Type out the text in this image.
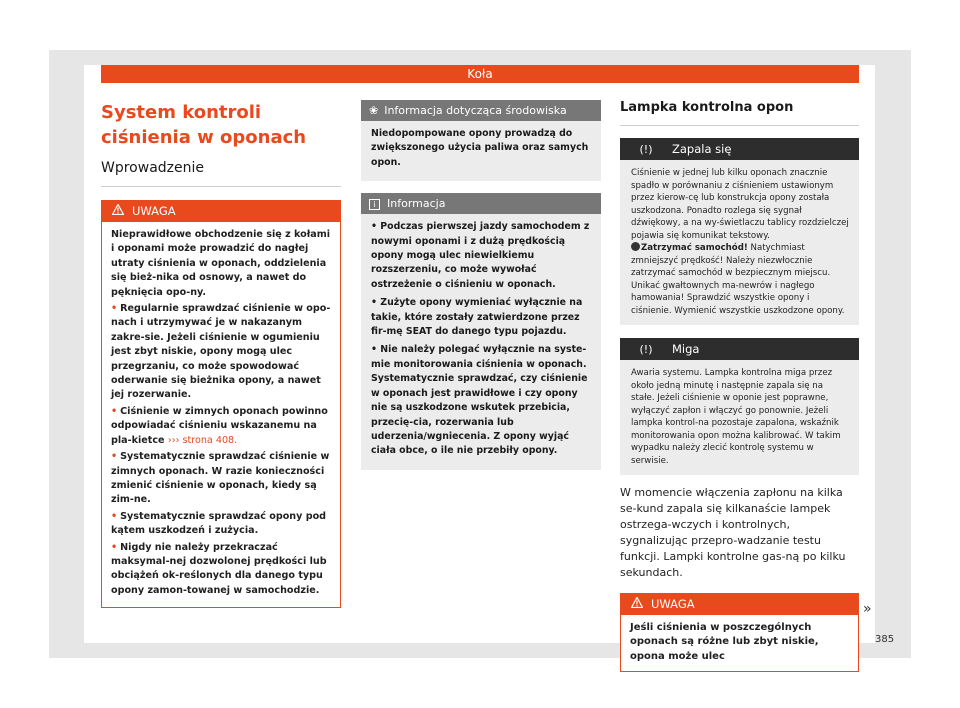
Koła
System kontroli ciśnienia w oponach
Wprowadzenie
UWAGA

Nieprawidłowe obchodzenie się z kołami i oponami może prowadzić do nagłej utraty ciśnienia w oponach, oddzielenia się bież-nika od osnowy, a nawet do pęknięcia opo-ny.

• Regularnie sprawdzać ciśnienie w opo-nach i utrzymywać je w nakazanym zakre-sie. Jeżeli ciśnienie w ogumieniu jest zbyt niskie, opony mogą ulec przegrzaniu, co może spowodować oderwanie się bieżnika opony, a nawet jej rozerwanie.

• Ciśnienie w zimnych oponach powinno odpowiadać ciśnieniu wskazanemu na pla-kietce ››› strona 408.

• Systematycznie sprawdzać ciśnienie w zimnych oponach. W razie konieczności zmienić ciśnienie w oponach, kiedy są zim-ne.

• Systematycznie sprawdzać opony pod kątem uszkodzeń i zużycia.

• Nigdy nie należy przekraczać maksymal-nej dozwolonej prędkości lub obciążeń ok-reślonych dla danego typu opony zamon-towanej w samochodzie.

❀ Informacja dotycząca środowiska

Niedopompowane opony prowadzą do zwiększonego użycia paliwa oraz samych opon.

i Informacja

• Podczas pierwszej jazdy samochodem z nowymi oponami i z dużą prędkością opony mogą ulec niewielkiemu rozszerzeniu, co może wywołać ostrzeżenie o ciśnieniu w oponach.

• Zużyte opony wymieniać wyłącznie na takie, które zostały zatwierdzone przez fir-mę SEAT do danego typu pojazdu.

• Nie należy polegać wyłącznie na syste-mie monitorowania ciśnienia w oponach. Systematycznie sprawdzać, czy ciśnienie w oponach jest prawidłowe i czy opony nie są uszkodzone wskutek przebicia, przecię-cia, rozerwania lub uderzenia/wgniecenia. Z opony wyjąć ciała obce, o ile nie przebiły opony.

Lampka kontrolna opon
(!)	Zapala się
Ciśnienie w jednej lub kilku oponach znacznie spadło w porównaniu z ciśnieniem ustawionym przez kierow-cę lub konstrukcja opony została uszkodzona. Ponadto rozlega się sygnał dźwiękowy, a na wy-świetlaczu tablicy rozdzielczej pojawia się komunikat tekstowy.
Zatrzymać samochód! Natychmiast zmniejszyć prędkość! Należy niezwłocznie zatrzymać samochód w bezpiecznym miejscu. Unikać gwałtownych ma-newrów i nagłego hamowania! Sprawdzić wszystkie opony i ciśnienie. Wymienić wszystkie uszkodzone opony.
(!)	Miga
Awaria systemu. Lampka kontrolna miga przez około jedną minutę i następnie zapala się na stałe. Jeżeli ciśnienie w oponie jest poprawne, wyłączyć zapłon i włączyć go ponownie. Jeżeli lampka kontrol-na pozostaje zapalona, wskaźnik monitorowania opon można kalibrować. W takim wypadku należy zlecić kontrolę systemu w serwisie.
W momencie włączenia zapłonu na kilka se-kund zapala się kilkanaście lampek ostrzega-wczych i kontrolnych, sygnalizując przepro-wadzanie testu funkcji. Lampki kontrolne gas-ną po kilku sekundach.
UWAGA
Jeśli ciśnienia w poszczególnych oponach są różne lub zbyt niskie, opona może ulec
»
385
